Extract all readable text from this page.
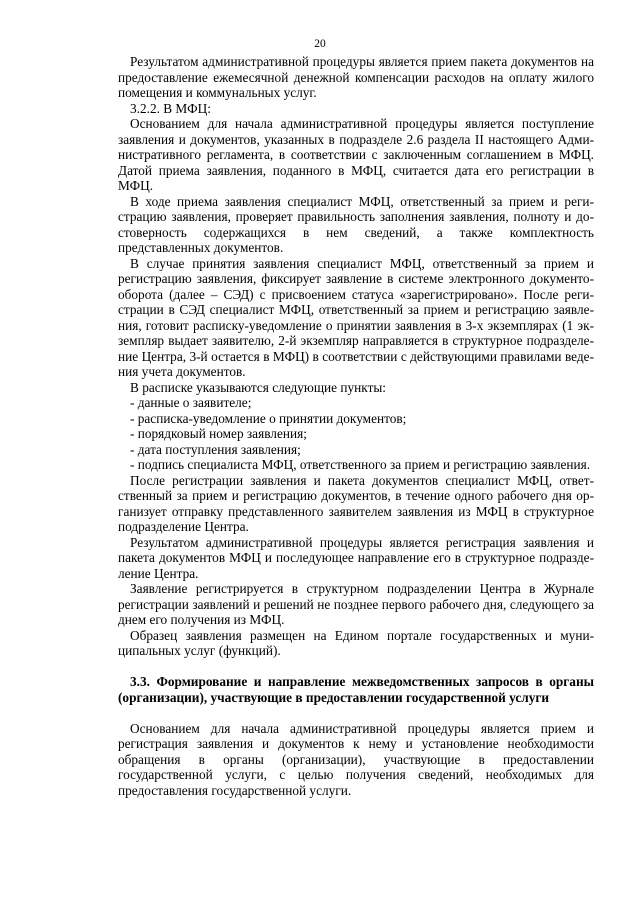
20

Результатом административной процедуры является прием пакета документов на предоставление ежемесячной денежной компенсации расходов на оплату жилого помещения и коммунальных услуг.

3.2.2. В МФЦ:

Основанием для начала административной процедуры является поступление заявления и документов, указанных в подразделе 2.6 раздела II настоящего Административного регламента, в соответствии с заключенным соглашением в МФЦ. Датой приема заявления, поданного в МФЦ, считается дата его регистрации в МФЦ.

В ходе приема заявления специалист МФЦ, ответственный за прием и регистрацию заявления, проверяет правильность заполнения заявления, полноту и достоверность содержащихся в нем сведений, а также комплектность представленных документов.

В случае принятия заявления специалист МФЦ, ответственный за прием и регистрацию заявления, фиксирует заявление в системе электронного документооборота (далее – СЭД) с присвоением статуса «зарегистрировано». После регистрации в СЭД специалист МФЦ, ответственный за прием и регистрацию заявления, готовит расписку-уведомление о принятии заявления в 3-х экземплярах (1 экземпляр выдает заявителю, 2-й экземпляр направляется в структурное подразделение Центра, 3-й остается в МФЦ) в соответствии с действующими правилами ведения учета документов.

В расписке указываются следующие пункты:

- данные о заявителе;

- расписка-уведомление о принятии документов;

- порядковый номер заявления;

- дата поступления заявления;

- подпись специалиста МФЦ, ответственного за прием и регистрацию заявления.

После регистрации заявления и пакета документов специалист МФЦ, ответственный за прием и регистрацию документов, в течение одного рабочего дня организует отправку представленного заявителем заявления из МФЦ в структурное подразделение Центра.

Результатом административной процедуры является регистрация заявления и пакета документов МФЦ и последующее направление его в структурное подразделение Центра.

Заявление регистрируется в структурном подразделении Центра в Журнале регистрации заявлений и решений не позднее первого рабочего дня, следующего за днем его получения из МФЦ.

Образец заявления размещен на Едином портале государственных и муниципальных услуг (функций).

3.3. Формирование и направление межведомственных запросов в органы (организации), участвующие в предоставлении государственной услуги

Основанием для начала административной процедуры является прием и регистрация заявления и документов к нему и установление необходимости обращения в органы (организации), участвующие в предоставлении государственной услуги, с целью получения сведений, необходимых для предоставления государственной услуги.
